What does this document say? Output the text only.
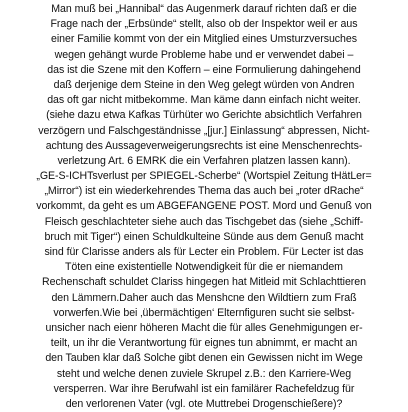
Man muß bei „Hannibal“ das Augenmerk darauf richten daß er die
Frage nach der „Erbsünde“ stellt, also ob der Inspektor weil er aus
einer Familie kommt von der ein Mitglied eines Umsturzversuches
wegen gehängt wurde Probleme habe und er verwendet dabei –
das ist die Szene mit den Koffern – eine Formulierung dahingehend
daß derjenige dem Steine in den Weg gelegt würden von Andren
das oft gar nicht mitbekomme. Man käme dann einfach nicht weiter.
(siehe dazu etwa Kafkas Türhüter wo Gerichte absichtlich Verfahren
verzögern und Falschgeständnisse „[jur.] Einlassung“ abpressen, Nicht-
achtung des Aussageverweigerungsrechts ist eine Menschenrechts-
verletzung Art. 6 EMRK die ein Verfahren platzen lassen kann).
„GE-S-ICHTsverlust per SPIEGEL-Scherbe“ (Wortspiel Zeitung tHätLer=
„Mirror“) ist ein wiederkehrendes Thema das auch bei „roter dRache“
vorkommt, da geht es um ABGEFANGENE POST. Mord und Genuß von
Fleisch geschlachteter siehe auch das Tischgebet das (siehe „Schiff-
bruch mit Tiger“) einen Schuldkulteine Sünde aus dem Genuß macht
sind für Clarisse anders als für Lecter ein Problem. Für Lecter ist das
Töten eine existentielle Notwendigkeit für die er niemandem
Rechenschaft schuldet Clariss hingegen hat Mitleid mit Schlachttieren
den Lämmern.Daher auch das Menshcne den Wildtiern zum Fraß
vorwerfen.Wie bei ‚übermächtigen‘ Elternfiguren sucht sie selbst-
unsicher nach eienr höheren Macht die für alles Genehmigungen er-
teilt, un ihr die Verantwortung für eignes tun abnimmt, er macht an
den Tauben klar daß Solche gibt denen ein Gewissen nicht im Wege
steht und welche denen zuviele Skrupel z.B.: den Karriere-Weg
versperren. War ihre Berufwahl ist ein familärer Rachefeldzug für
den verlorenen Vater (vgl. ote Muttrebei Drogenschießere)?
